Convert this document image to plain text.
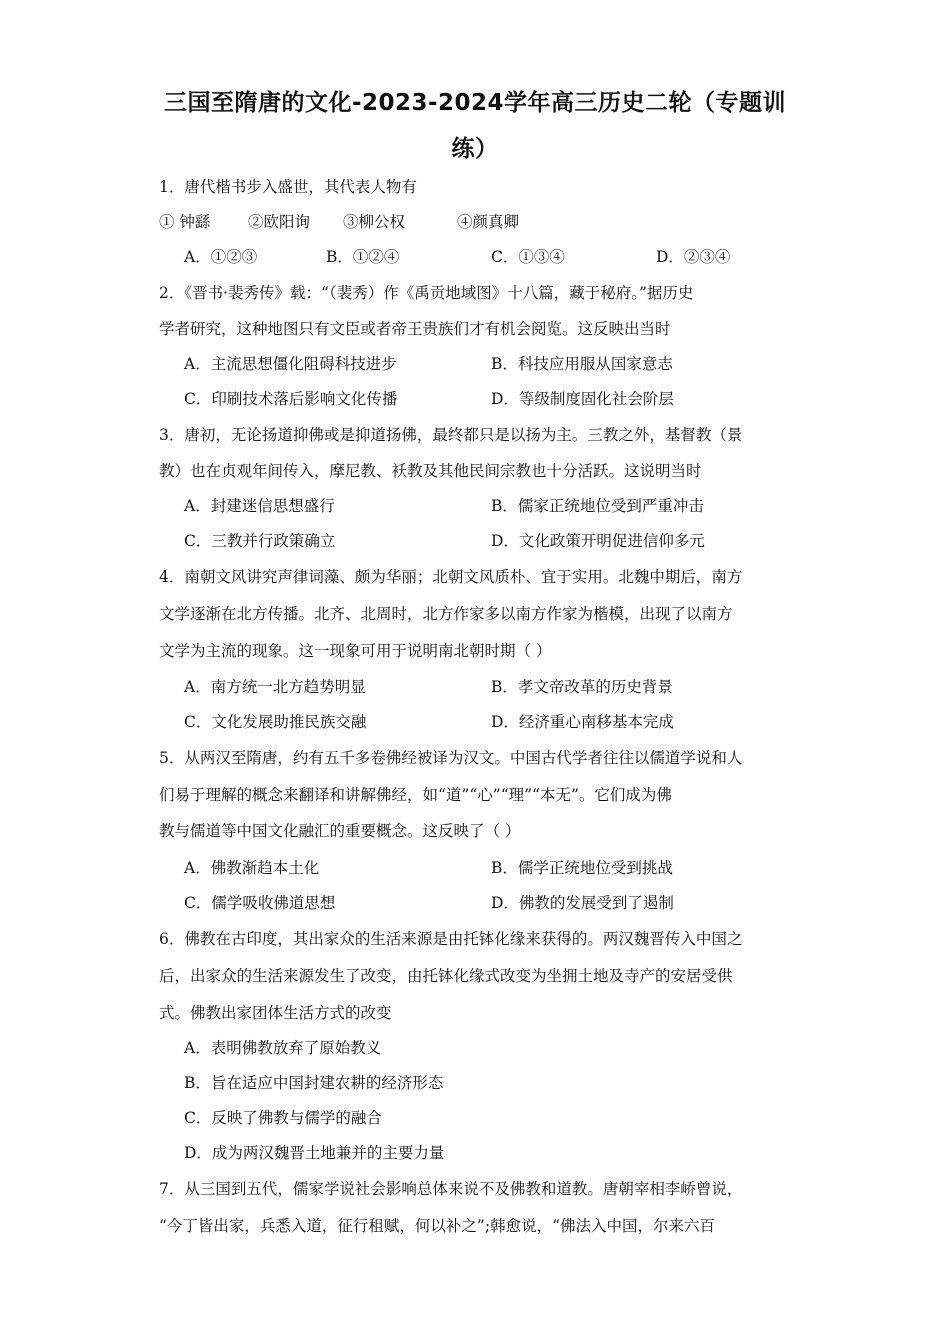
三国至隋唐的文化-2023-2024学年高三历史二轮（专题训
练）
1．唐代楷书步入盛世，其代表人物有
① 钟繇 ②欧阳询 ③柳公权	④颜真卿
A．①②③	B．①②④	C．①③④	D．②③④
2．《晋书·裴秀传》载：“（裴秀）作《禹贡地域图》十八篇，藏于秘府。”据历史
学者研究，这种地图只有文臣或者帝王贵族们才有机会阅览。这反映出当时
A．主流思想僵化阻碍科技进步	B．科技应用服从国家意志
C．印刷技术落后影响文化传播	D．等级制度固化社会阶层
3．唐初，无论扬道抑佛或是抑道扬佛，最终都只是以扬为主。三教之外，基督教（景
教）也在贞观年间传入，摩尼教、袄教及其他民间宗教也十分活跃。这说明当时
A．封建迷信思想盛行	B．儒家正统地位受到严重冲击
C．三教并行政策确立	D．文化政策开明促进信仰多元
4．南朝文风讲究声律词藻、颇为华丽；北朝文风质朴、宜于实用。北魏中期后，南方
文学逐渐在北方传播。北齐、北周时，北方作家多以南方作家为楷模，出现了以南方
文学为主流的现象。这一现象可用于说明南北朝时期（ ）
A．南方统一北方趋势明显	B．孝文帝改革的历史背景
C．文化发展助推民族交融	D．经济重心南移基本完成
5．从两汉至隋唐，约有五千多卷佛经被译为汉文。中国古代学者往往以儒道学说和人
们易于理解的概念来翻译和讲解佛经，如“道”“心”“理”“本无”。它们成为佛
教与儒道等中国文化融汇的重要概念。这反映了（ ）
A．佛教渐趋本土化	B．儒学正统地位受到挑战
C．儒学吸收佛道思想	D．佛教的发展受到了遏制
6．佛教在古印度，其出家众的生活来源是由托钵化缘来获得的。两汉魏晋传入中国之
后，出家众的生活来源发生了改变，由托钵化缘式改变为坐拥土地及寺产的安居受供
式。佛教出家团体生活方式的改变
A．表明佛教放弃了原始教义
B．旨在适应中国封建农耕的经济形态
C．反映了佛教与儒学的融合
D．成为两汉魏晋土地兼并的主要力量
7．从三国到五代，儒家学说社会影响总体来说不及佛教和道教。唐朝宰相李峤曾说，
“今丁皆出家，兵悉入道，征行租赋，何以补之”;韩愈说，“佛法入中国，尔来六百
